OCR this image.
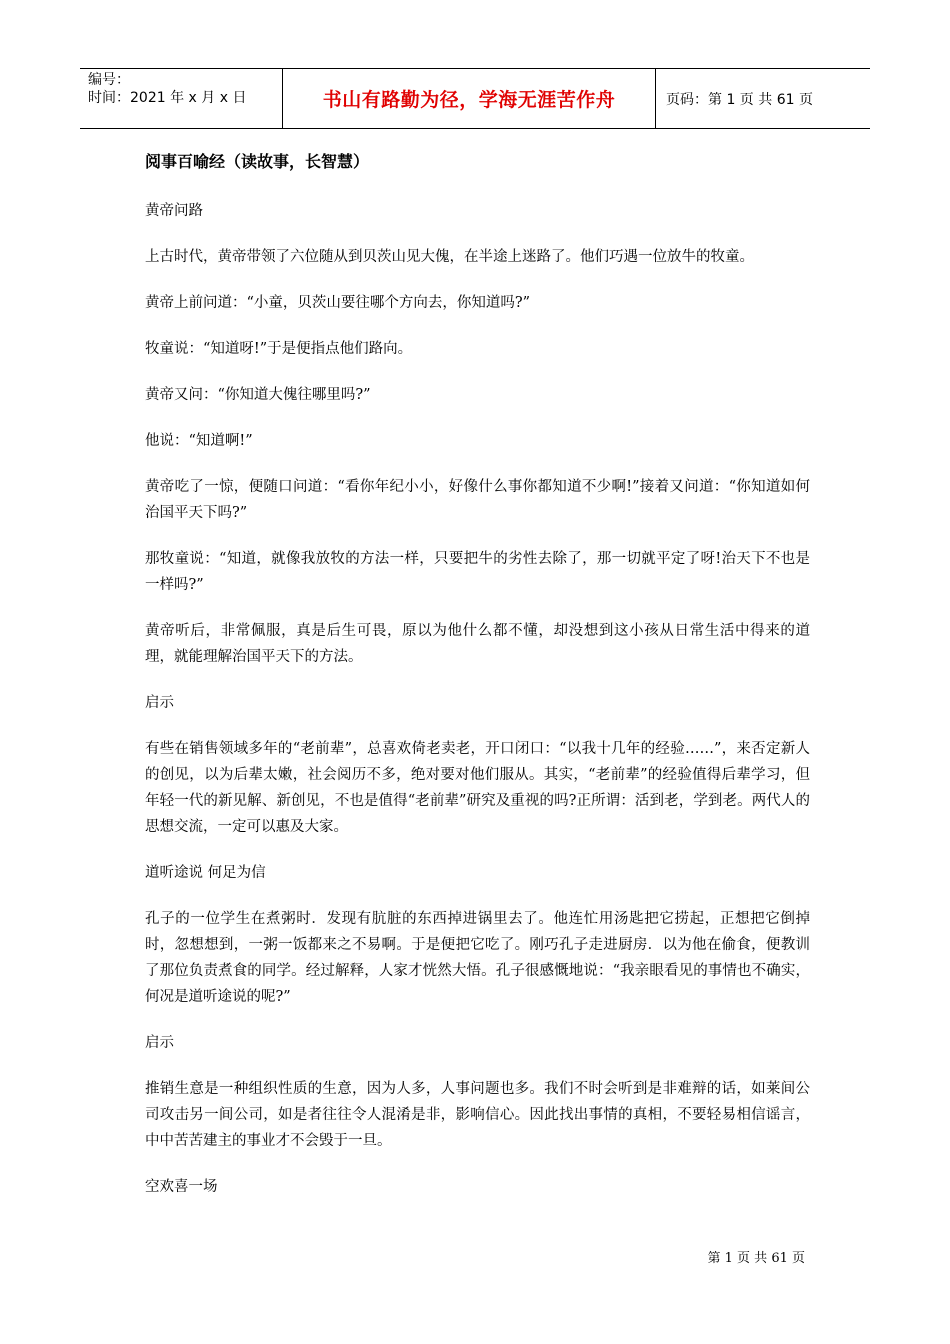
编号：
时间：2021 年 x 月 x 日	书山有路勤为径，学海无涯苦作舟	页码：第 1 页 共 61 页
阅事百喻经（读故事，长智慧）

黄帝问路

上古时代，黄帝带领了六位随从到贝茨山见大傀，在半途上迷路了。他们巧遇一位放牛的牧童。

黄帝上前问道：“小童，贝茨山要往哪个方向去，你知道吗?”

牧童说：“知道呀!”于是便指点他们路向。

黄帝又问：“你知道大傀往哪里吗?”

他说：“知道啊!”

黄帝吃了一惊，便随口问道：“看你年纪小小，好像什么事你都知道不少啊!”接着又问道：“你知道如何治国平天下吗?”

那牧童说：“知道，就像我放牧的方法一样，只要把牛的劣性去除了，那一切就平定了呀!治天下不也是一样吗?”

黄帝听后，非常佩服，真是后生可畏，原以为他什么都不懂，却没想到这小孩从日常生活中得来的道理，就能理解治国平天下的方法。

启示

有些在销售领域多年的“老前辈”，总喜欢倚老卖老，开口闭口：“以我十几年的经验……”，来否定新人的创见，以为后辈太嫩，社会阅历不多，绝对要对他们服从。其实，“老前辈”的经验值得后辈学习，但年轻一代的新见解、新创见，不也是值得“老前辈”研究及重视的吗?正所谓：活到老，学到老。两代人的思想交流，一定可以惠及大家。

道听途说 何足为信

孔子的一位学生在煮粥时．发现有肮脏的东西掉进锅里去了。他连忙用汤匙把它捞起，正想把它倒掉时，忽想想到，一粥一饭都来之不易啊。于是便把它吃了。刚巧孔子走进厨房．以为他在偷食，便教训了那位负责煮食的同学。经过解释，人家才恍然大悟。孔子很感慨地说：“我亲眼看见的事情也不确实，何况是道听途说的呢?”

启示

推销生意是一种组织性质的生意，因为人多，人事问题也多。我们不时会听到是非难辩的话，如莱间公司攻击另一间公司，如是者往往令人混淆是非，影响信心。因此找出事情的真相，不要轻易相信谣言，中中苦苦建主的事业才不会毁于一旦。

空欢喜一场

第 1 页 共 61 页
